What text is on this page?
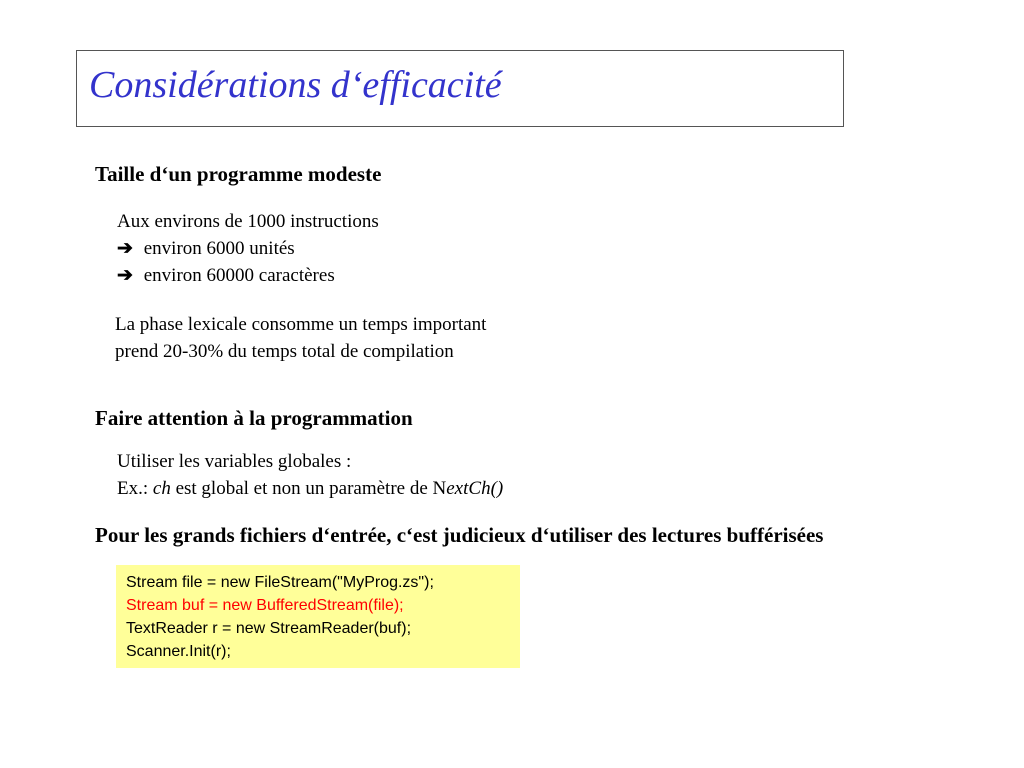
Considérations d‘efficacité
Taille d‘un programme modeste
Aux environs de 1000 instructions
➔ environ 6000 unités
➔ environ 60000 caractères
La phase lexicale consomme un temps important
prend 20-30% du temps total de compilation
Faire attention à la programmation
Utiliser les variables globales :
Ex.: ch est global et non un paramètre de NextCh()
Pour les grands fichiers d‘entrée, c‘est judicieux d‘utiliser des lectures bufférisées
Stream file = new FileStream("MyProg.zs");
Stream buf = new BufferedStream(file);
TextReader r = new StreamReader(buf);
Scanner.Init(r);
